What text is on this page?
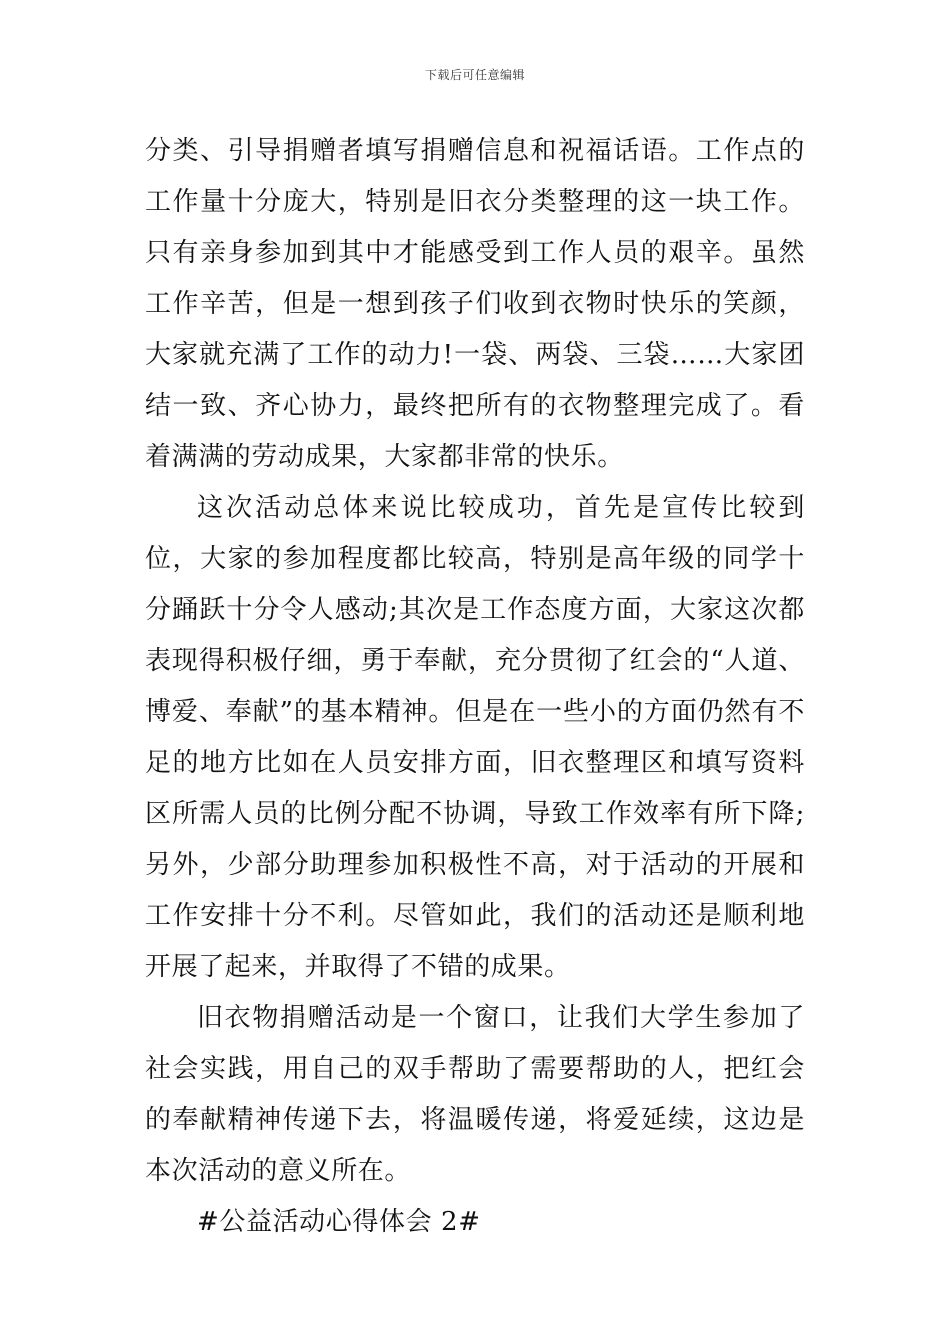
下载后可任意编辑

分类、引导捐赠者填写捐赠信息和祝福话语。工作点的工作量十分庞大，特别是旧衣分类整理的这一块工作。只有亲身参加到其中才能感受到工作人员的艰辛。虽然工作辛苦，但是一想到孩子们收到衣物时快乐的笑颜，大家就充满了工作的动力!一袋、两袋、三袋……大家团结一致、齐心协力，最终把所有的衣物整理完成了。看着满满的劳动成果，大家都非常的快乐。

这次活动总体来说比较成功，首先是宣传比较到位，大家的参加程度都比较高，特别是高年级的同学十分踊跃十分令人感动;其次是工作态度方面，大家这次都表现得积极仔细，勇于奉献，充分贯彻了红会的“人道、博爱、奉献”的基本精神。但是在一些小的方面仍然有不足的地方比如在人员安排方面，旧衣整理区和填写资料区所需人员的比例分配不协调，导致工作效率有所下降;另外，少部分助理参加积极性不高，对于活动的开展和工作安排十分不利。尽管如此，我们的活动还是顺利地开展了起来，并取得了不错的成果。

旧衣物捐赠活动是一个窗口，让我们大学生参加了社会实践，用自己的双手帮助了需要帮助的人，把红会的奉献精神传递下去，将温暖传递，将爱延续，这边是本次活动的意义所在。

#公益活动心得体会 2#
